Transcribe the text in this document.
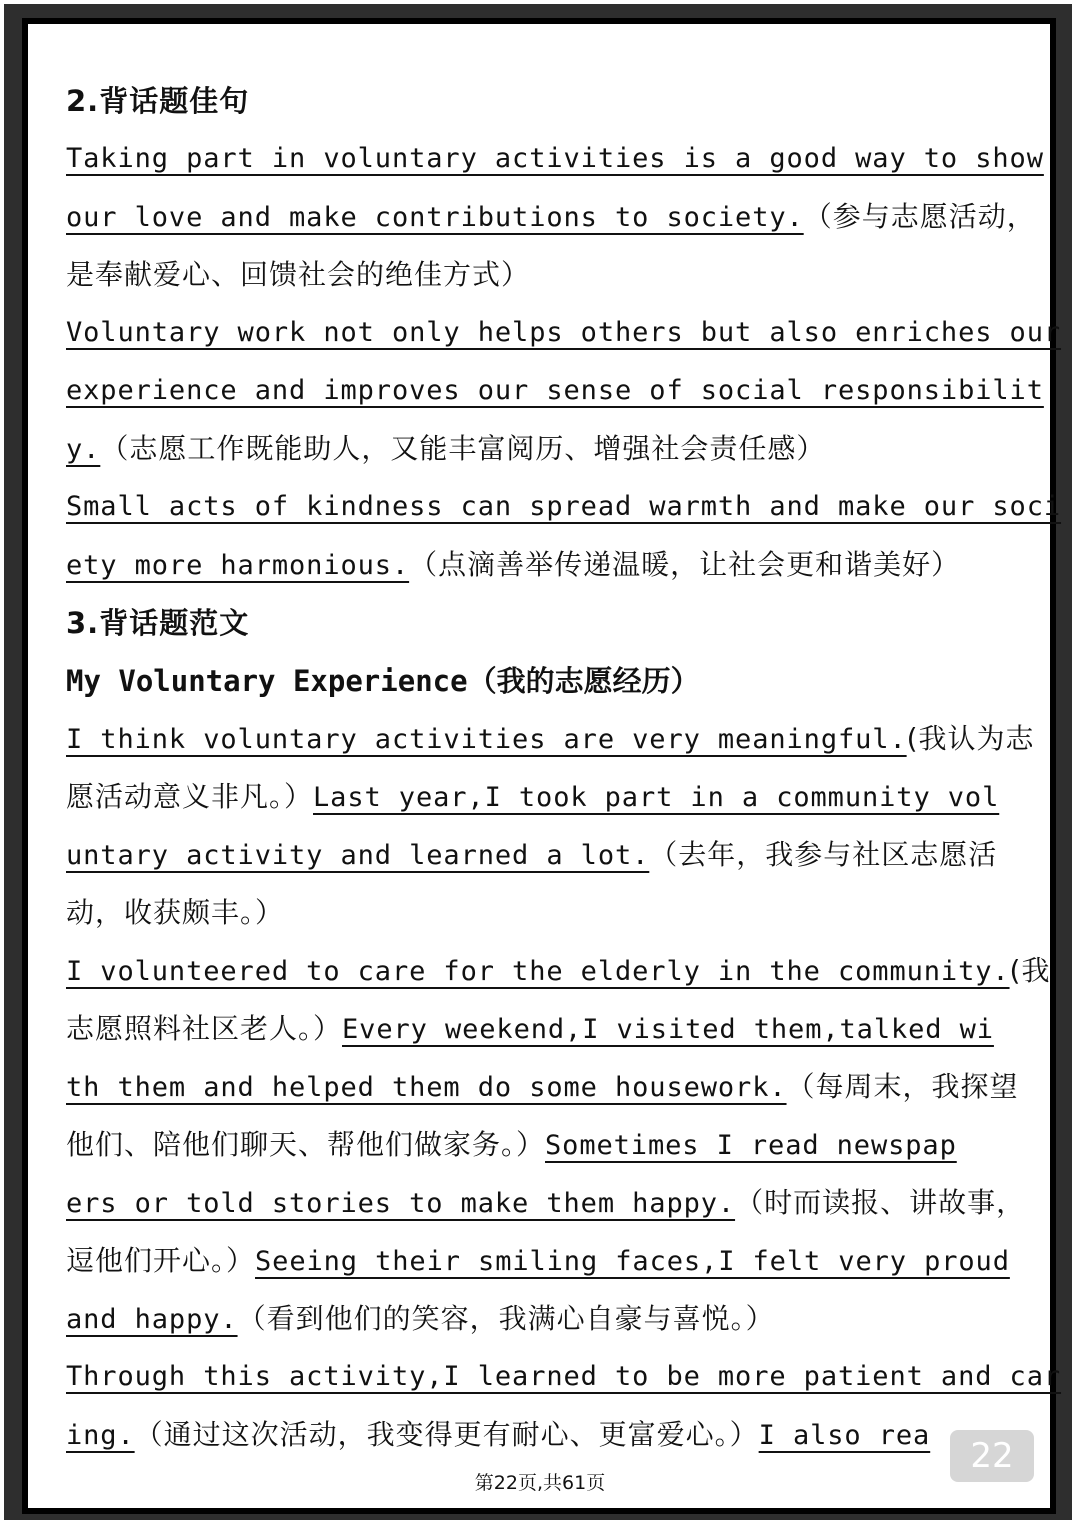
2.背话题佳句
Taking part in voluntary activities is a good way to show
our love and make contributions to society.（参与志愿活动，
是奉献爱心、回馈社会的绝佳方式）
Voluntary work not only helps others but also enriches our
experience and improves our sense of social responsibilit
y.（志愿工作既能助人，又能丰富阅历、增强社会责任感）
Small acts of kindness can spread warmth and make our soci
ety more harmonious.（点滴善举传递温暖，让社会更和谐美好）
3.背话题范文
My Voluntary Experience（我的志愿经历）
I think voluntary activities are very meaningful.(我认为志
愿活动意义非凡。）Last year,I took part in a community vol
untary activity and learned a lot.（去年，我参与社区志愿活
动，收获颇丰。）
I volunteered to care for the elderly in the community.(我
志愿照料社区老人。）Every weekend,I visited them,talked wi
th them and helped them do some housework.（每周末，我探望
他们、陪他们聊天、帮他们做家务。）Sometimes I read newspap
ers or told stories to make them happy.（时而读报、讲故事，
逗他们开心。）Seeing their smiling faces,I felt very proud
and happy.（看到他们的笑容，我满心自豪与喜悦。）
Through this activity,I learned to be more patient and car
ing.（通过这次活动，我变得更有耐心、更富爱心。）I also rea
22
第22页,共61页
